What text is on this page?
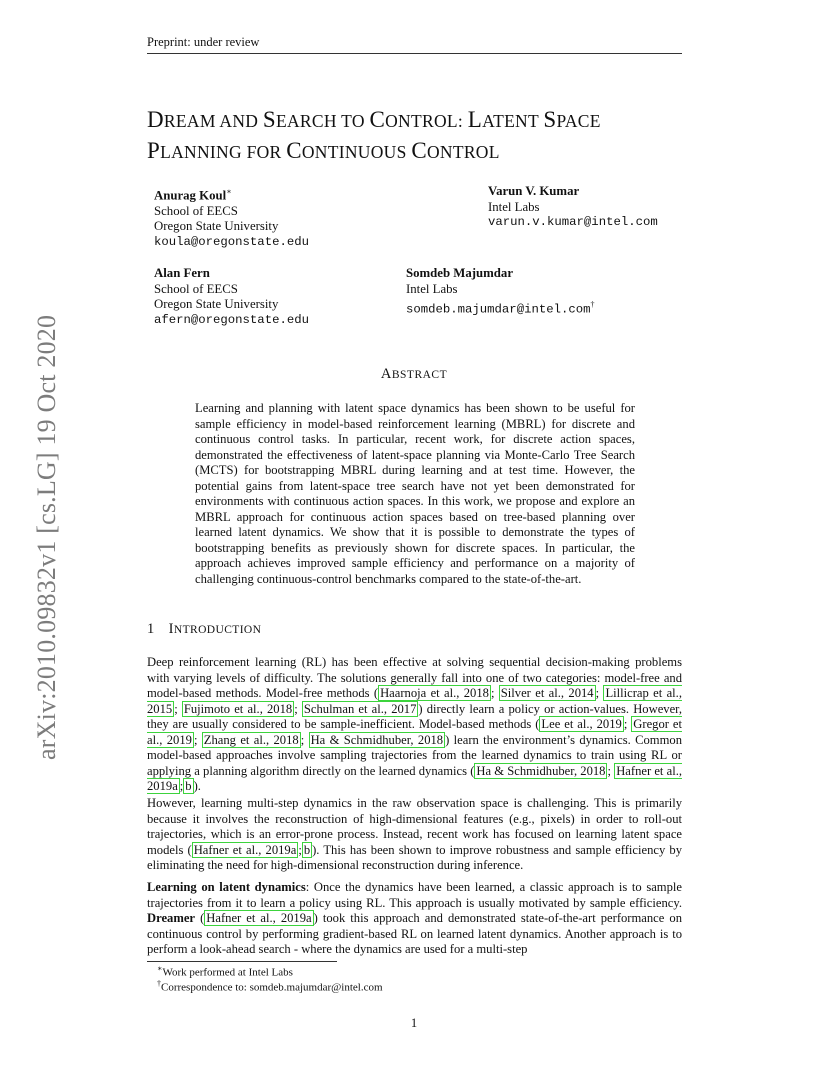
Preprint: under review
arXiv:2010.09832v1 [cs.LG] 19 Oct 2020
DREAM AND SEARCH TO CONTROL: LATENT SPACE
PLANNING FOR CONTINUOUS CONTROL
Anurag Koul∗
School of EECS
Oregon State University
koula@oregonstate.edu
Varun V. Kumar
Intel Labs
varun.v.kumar@intel.com
Alan Fern
School of EECS
Oregon State University
afern@oregonstate.edu
Somdeb Majumdar
Intel Labs
somdeb.majumdar@intel.com†
ABSTRACT
Learning and planning with latent space dynamics has been shown to be useful for sample efficiency in model-based reinforcement learning (MBRL) for discrete and continuous control tasks. In particular, recent work, for discrete action spaces, demonstrated the effectiveness of latent-space planning via Monte-Carlo Tree Search (MCTS) for bootstrapping MBRL during learning and at test time. However, the potential gains from latent-space tree search have not yet been demonstrated for environments with continuous action spaces. In this work, we propose and explore an MBRL approach for continuous action spaces based on tree-based planning over learned latent dynamics. We show that it is possible to demonstrate the types of bootstrapping benefits as previously shown for discrete spaces. In particular, the approach achieves improved sample efficiency and performance on a majority of challenging continuous-control benchmarks compared to the state-of-the-art.
1 INTRODUCTION
Deep reinforcement learning (RL) has been effective at solving sequential decision-making problems with varying levels of difficulty. The solutions generally fall into one of two categories: model-free and model-based methods. Model-free methods ( Haarnoja et al., 2018 ; Silver et al., 2014 ; Lillicrap et al., 2015 ; Fujimoto et al., 2018 ; Schulman et al., 2017 ) directly learn a policy or action-values. However, they are usually considered to be sample-inefficient. Model-based methods ( Lee et al., 2019 ; Gregor et al., 2019 ; Zhang et al., 2018 ; Ha & Schmidhuber, 2018 ) learn the environment’s dynamics. Common model-based approaches involve sampling trajectories from the learned dynamics to train using RL or applying a planning algorithm directly on the learned dynamics ( Ha & Schmidhuber, 2018 ; Hafner et al., 2019a ; b ).
However, learning multi-step dynamics in the raw observation space is challenging. This is primarily because it involves the reconstruction of high-dimensional features (e.g., pixels) in order to roll-out trajectories, which is an error-prone process. Instead, recent work has focused on learning latent space models ( Hafner et al., 2019a ; b ). This has been shown to improve robustness and sample efficiency by eliminating the need for high-dimensional reconstruction during inference.
Learning on latent dynamics: Once the dynamics have been learned, a classic approach is to sample trajectories from it to learn a policy using RL. This approach is usually motivated by sample efficiency. Dreamer ( Hafner et al., 2019a ) took this approach and demonstrated state-of-the-art performance on continuous control by performing gradient-based RL on learned latent dynamics. Another approach is to perform a look-ahead search - where the dynamics are used for a multi-step
∗Work performed at Intel Labs
†Correspondence to: somdeb.majumdar@intel.com
1
